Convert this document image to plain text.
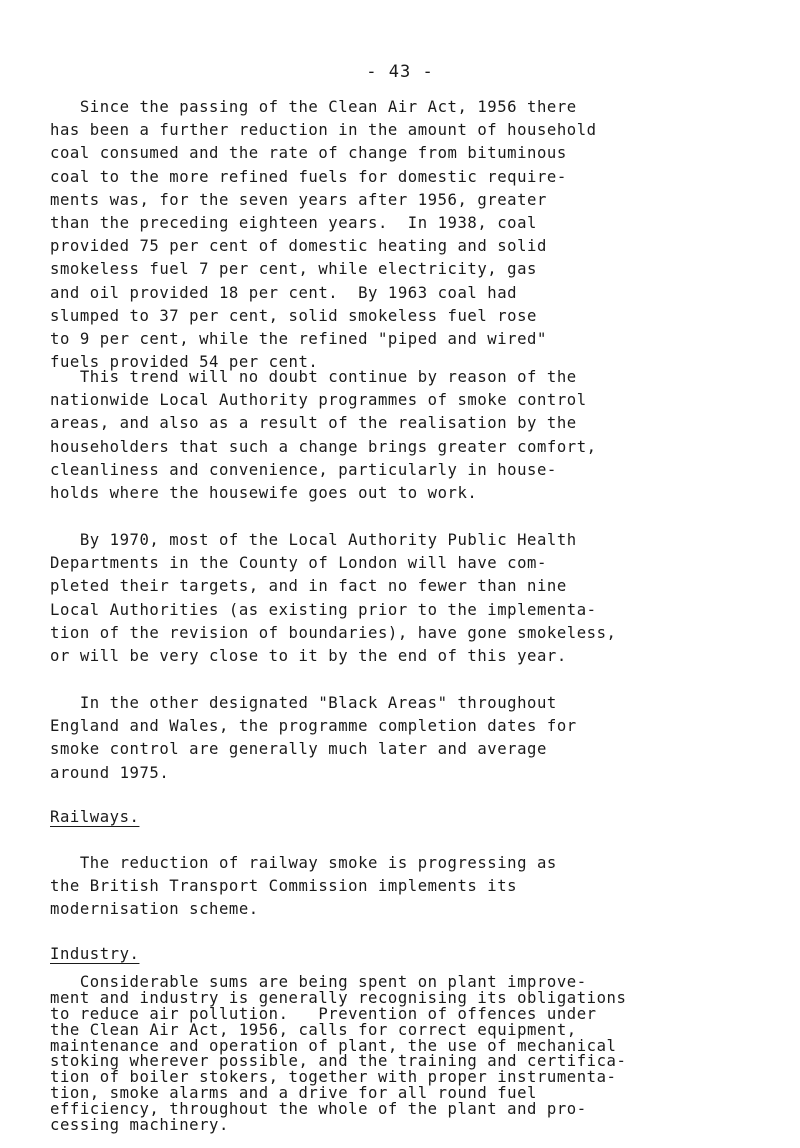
- 43 -
Since the passing of the Clean Air Act, 1956 there
has been a further reduction in the amount of household
coal consumed and the rate of change from bituminous
coal to the more refined fuels for domestic require-
ments was, for the seven years after 1956, greater
than the preceding eighteen years.  In 1938, coal
provided 75 per cent of domestic heating and solid
smokeless fuel 7 per cent, while electricity, gas
and oil provided 18 per cent.  By 1963 coal had
slumped to 37 per cent, solid smokeless fuel rose
to 9 per cent, while the refined "piped and wired"
fuels provided 54 per cent.
This trend will no doubt continue by reason of the
nationwide Local Authority programmes of smoke control
areas, and also as a result of the realisation by the
householders that such a change brings greater comfort,
cleanliness and convenience, particularly in house-
holds where the housewife goes out to work.
By 1970, most of the Local Authority Public Health
Departments in the County of London will have com-
pleted their targets, and in fact no fewer than nine
Local Authorities (as existing prior to the implementa-
tion of the revision of boundaries), have gone smokeless,
or will be very close to it by the end of this year.
In the other designated "Black Areas" throughout
England and Wales, the programme completion dates for
smoke control are generally much later and average
around 1975.
Railways.
The reduction of railway smoke is progressing as
the British Transport Commission implements its
modernisation scheme.
Industry.
Considerable sums are being spent on plant improve-
ment and industry is generally recognising its obligations
to reduce air pollution.   Prevention of offences under
the Clean Air Act, 1956, calls for correct equipment,
maintenance and operation of plant, the use of mechanical
stoking wherever possible, and the training and certifica-
tion of boiler stokers, together with proper instrumenta-
tion, smoke alarms and a drive for all round fuel
efficiency, throughout the whole of the plant and pro-
cessing machinery.
